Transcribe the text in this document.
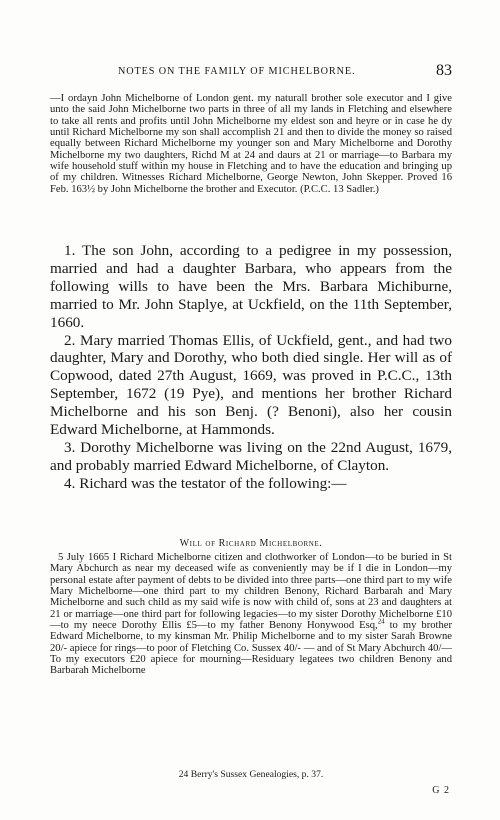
NOTES ON THE FAMILY OF MICHELBORNE.	83

—I ordayn John Michelborne of London gent. my naturall brother sole executor and I give unto the said John Michelborne two parts in three of all my lands in Fletching and elsewhere to take all rents and profits until John Michelborne my eldest son and heyre or in case he dy until Richard Michelborne my son shall accomplish 21 and then to divide the money so raised equally between Richard Michelborne my younger son and Mary Michelborne and Dorothy Michelborne my two daughters, Richd M at 24 and daurs at 21 or marriage—to Barbara my wife household stuff within my house in Fletching and to have the education and bringing up of my children. Witnesses Richard Michelborne, George Newton, John Skepper. Proved 16 Feb. 163½ by John Michelborne the brother and Executor. (P.C.C. 13 Sadler.)

1. The son John, according to a pedigree in my possession, married and had a daughter Barbara, who appears from the following wills to have been the Mrs. Barbara Michiburne, married to Mr. John Staplye, at Uckfield, on the 11th September, 1660.

2. Mary married Thomas Ellis, of Uckfield, gent., and had two daughter, Mary and Dorothy, who both died single. Her will as of Copwood, dated 27th August, 1669, was proved in P.C.C., 13th September, 1672 (19 Pye), and mentions her brother Richard Michelborne and his son Benj. (? Benoni), also her cousin Edward Michelborne, at Hammonds.

3. Dorothy Michelborne was living on the 22nd August, 1679, and probably married Edward Michelborne, of Clayton.

4. Richard was the testator of the following:—

Will of Richard Michelborne.

5 July 1665 I Richard Michelborne citizen and clothworker of London—to be buried in St Mary Abchurch as near my deceased wife as conveniently may be if I die in London—my personal estate after payment of debts to be divided into three parts—one third part to my wife Mary Michelborne—one third part to my children Benony, Richard Barbarah and Mary Michelborne and such child as my said wife is now with child of, sons at 23 and daughters at 21 or marriage—one third part for following legacies—to my sister Dorothy Michelborne £10—to my neece Dorothy Ellis £5—to my father Benony Honywood Esq,$^{24}$ to my brother Edward Michelborne, to my kinsman Mr. Philip Michelborne and to my sister Sarah Browne 20/- apiece for rings—to poor of Fletching Co. Sussex 40/- — and of St Mary Abchurch 40/—To my executors £20 apiece for mourning—Residuary legatees two children Benony and Barbarah Michelborne

24 Berry's Sussex Genealogies, p. 37.
G 2
